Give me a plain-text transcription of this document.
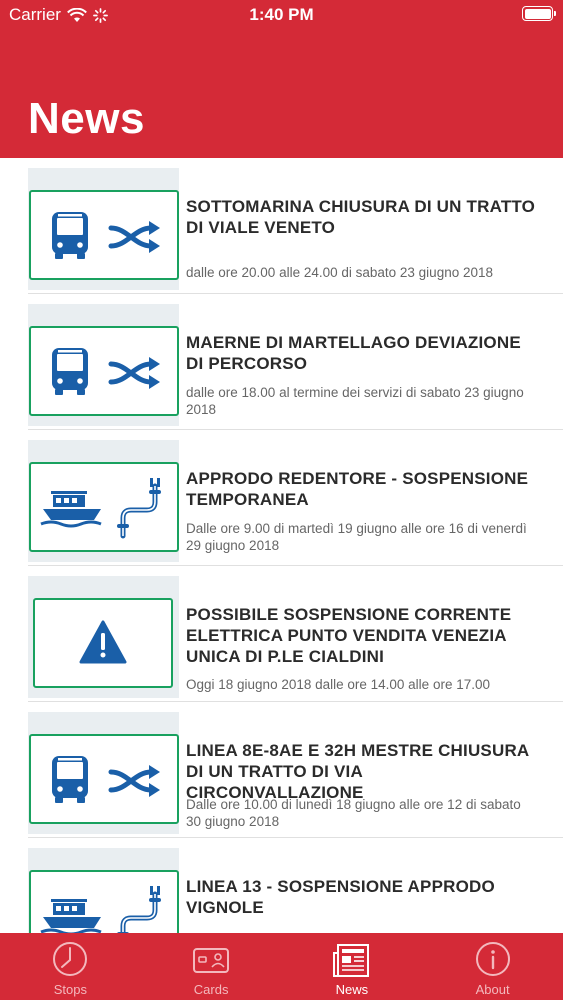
Carrier	1:40 PM
News
SOTTOMARINA CHIUSURA DI UN TRATTO DI VIALE VENETO
dalle ore 20.00 alle 24.00 di sabato 23 giugno 2018
MAERNE DI MARTELLAGO DEVIAZIONE DI PERCORSO
dalle ore 18.00 al termine dei servizi di sabato 23 giugno 2018
APPRODO REDENTORE - SOSPENSIONE TEMPORANEA
Dalle ore 9.00 di martedì 19 giugno alle ore 16 di venerdì 29 giugno 2018
POSSIBILE SOSPENSIONE CORRENTE ELETTRICA PUNTO VENDITA VENEZIA UNICA DI P.LE CIALDINI
Oggi 18 giugno 2018 dalle ore 14.00 alle ore 17.00
LINEA 8E-8AE E 32H MESTRE CHIUSURA DI UN TRATTO DI VIA CIRCONVALLAZIONE
Dalle ore 10.00 di lunedì 18 giugno alle ore 12 di sabato 30 giugno 2018
LINEA 13 - SOSPENSIONE APPRODO VIGNOLE
Stops	Cards	News	About
